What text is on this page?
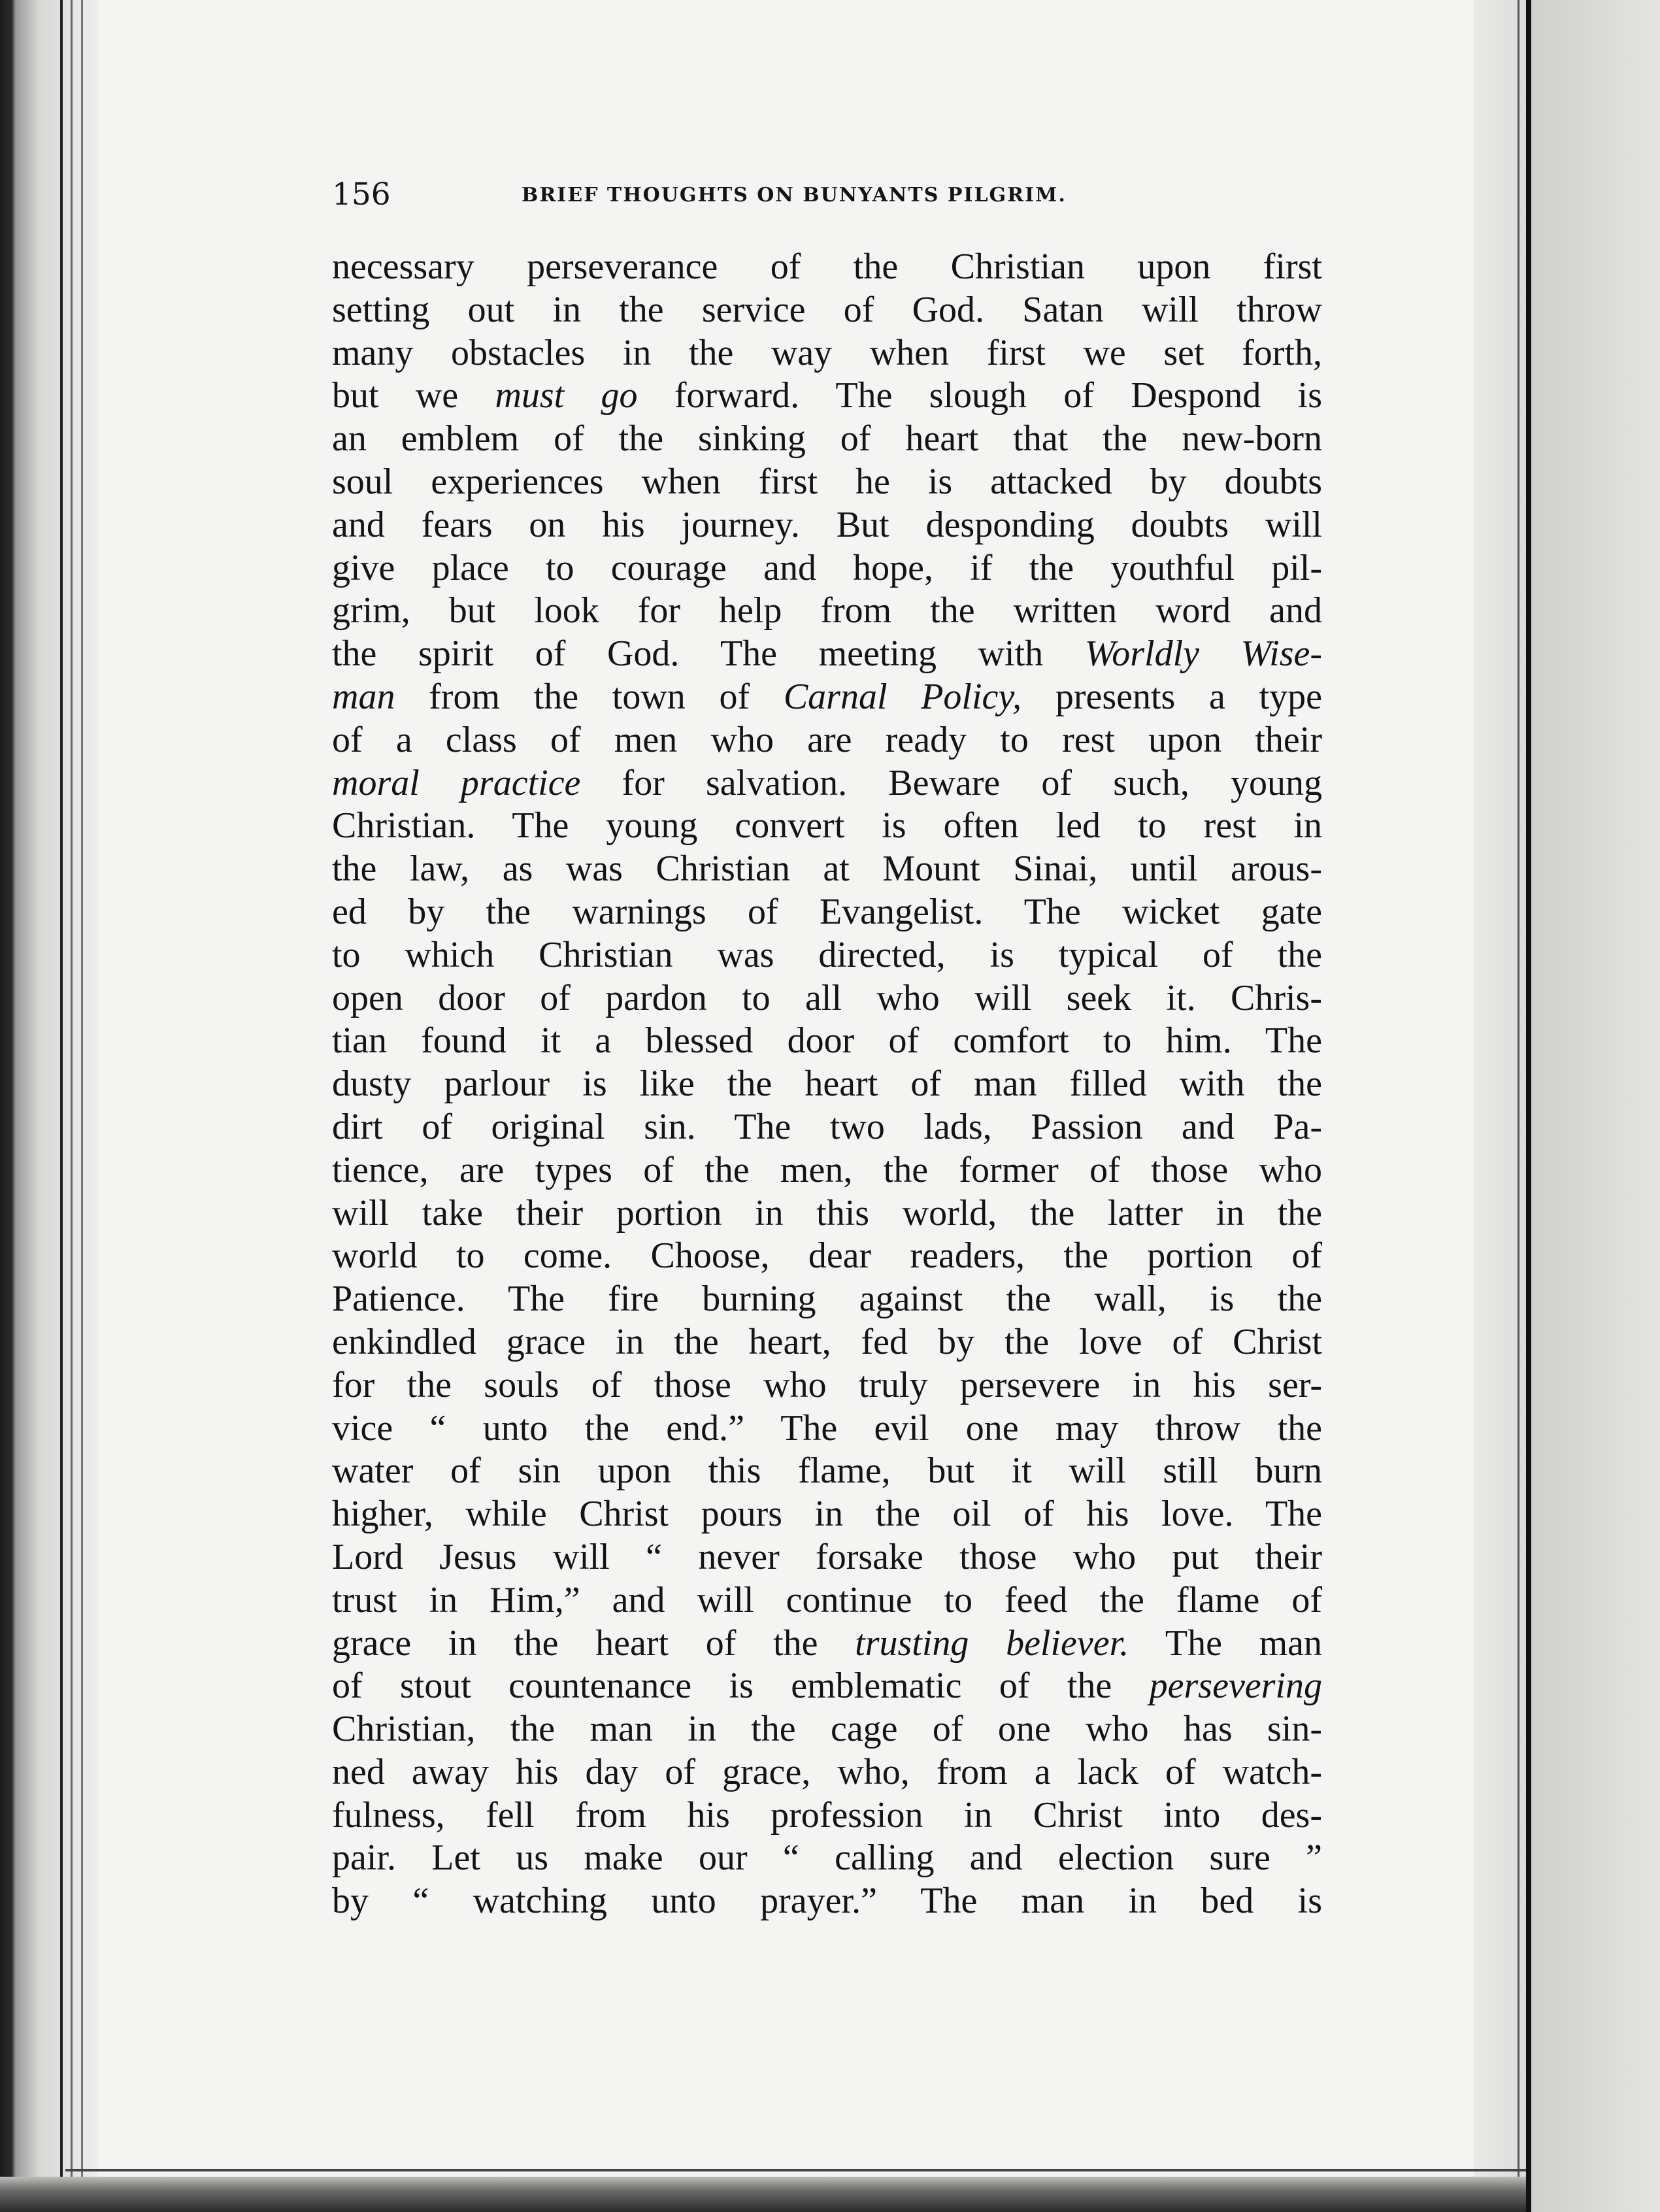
156	BRIEF THOUGHTS ON BUNYANTS PILGRIM.
necessary perseverance of the Christian upon first
setting out in the service of God. Satan will throw
many obstacles in the way when first we set forth,
but we must go forward. The slough of Despond is
an emblem of the sinking of heart that the new-born
soul experiences when first he is attacked by doubts
and fears on his journey. But desponding doubts will
give place to courage and hope, if the youthful pil-
grim, but look for help from the written word and
the spirit of God. The meeting with Worldly Wise-
man from the town of Carnal Policy, presents a type
of a class of men who are ready to rest upon their
moral practice for salvation. Beware of such, young
Christian. The young convert is often led to rest in
the law, as was Christian at Mount Sinai, until arous-
ed by the warnings of Evangelist. The wicket gate
to which Christian was directed, is typical of the
open door of pardon to all who will seek it. Chris-
tian found it a blessed door of comfort to him. The
dusty parlour is like the heart of man filled with the
dirt of original sin. The two lads, Passion and Pa-
tience, are types of the men, the former of those who
will take their portion in this world, the latter in the
world to come. Choose, dear readers, the portion of
Patience. The fire burning against the wall, is the
enkindled grace in the heart, fed by the love of Christ
for the souls of those who truly persevere in his ser-
vice “ unto the end.” The evil one may throw the
water of sin upon this flame, but it will still burn
higher, while Christ pours in the oil of his love. The
Lord Jesus will “ never forsake those who put their
trust in Him,” and will continue to feed the flame of
grace in the heart of the trusting believer. The man
of stout countenance is emblematic of the persevering
Christian, the man in the cage of one who has sin-
ned away his day of grace, who, from a lack of watch-
fulness, fell from his profession in Christ into des-
pair. Let us make our “ calling and election sure ”
by “ watching unto prayer.” The man in bed is
